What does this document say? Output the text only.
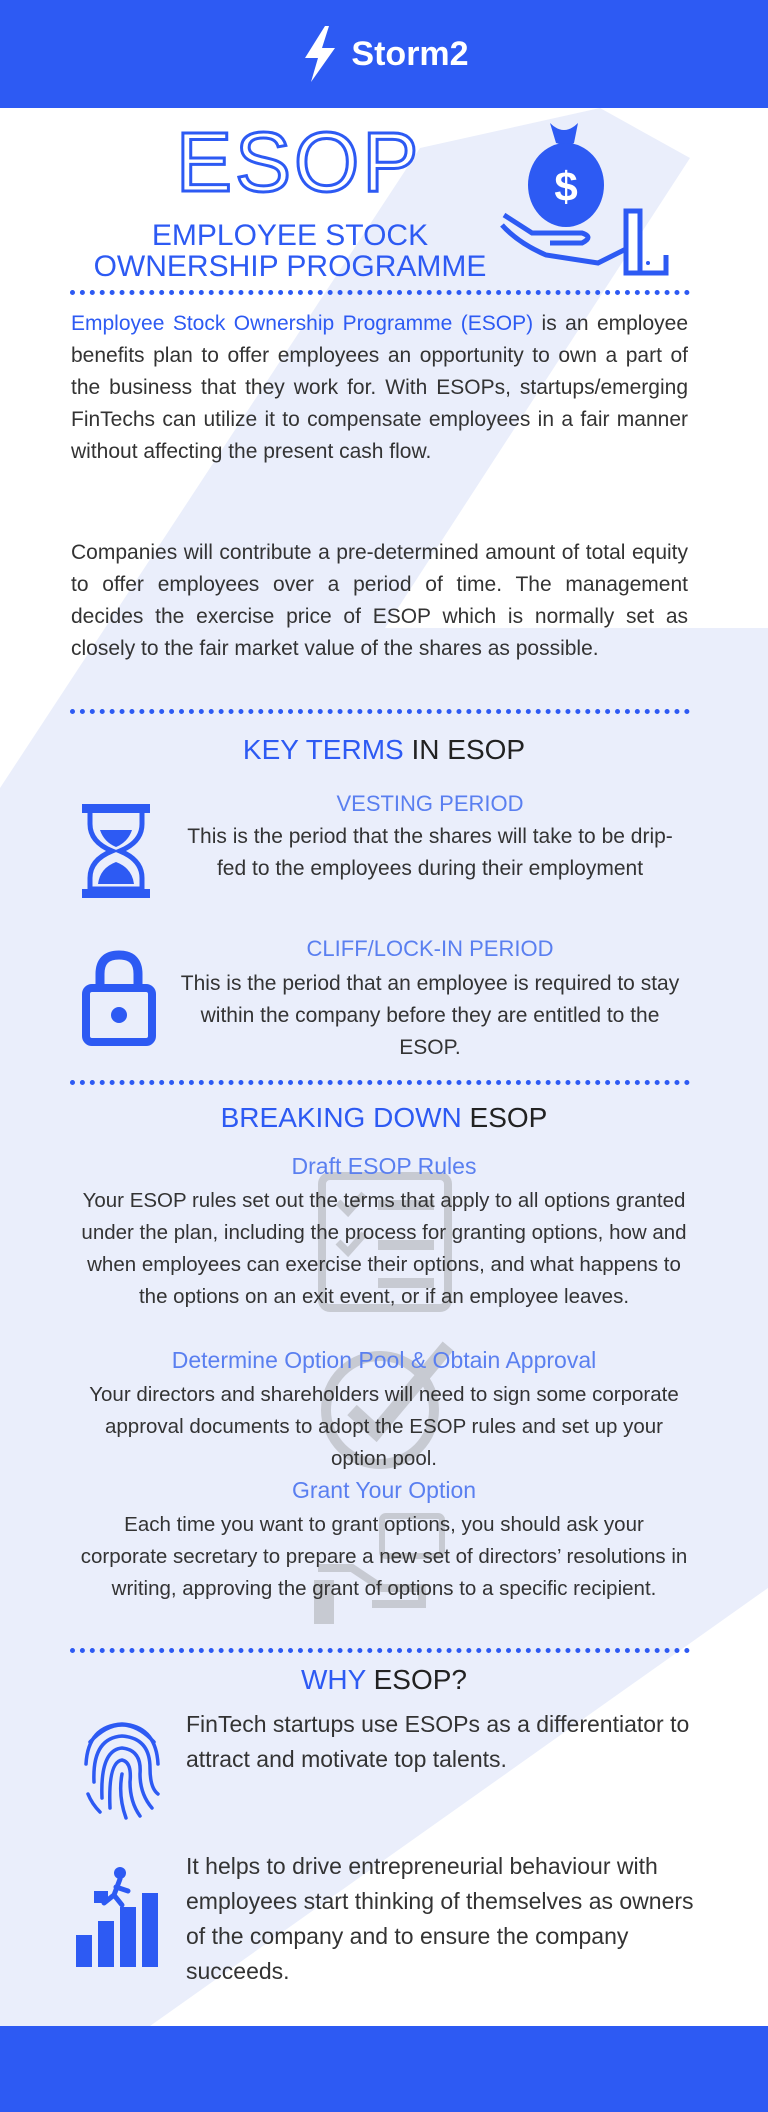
Storm2
ESOP
EMPLOYEE STOCK OWNERSHIP PROGRAMME
$
Employee Stock Ownership Programme (ESOP) is an employee benefits plan to offer employees an opportunity to own a part of the business that they work for. With ESOPs, startups/emerging FinTechs can utilize it to compensate employees in a fair manner without affecting the present cash flow.
Companies will contribute a pre-determined amount of total equity to offer employees over a period of time. The management decides the exercise price of ESOP which is normally set as closely to the fair market value of the shares as possible.
KEY TERMS IN ESOP
VESTING PERIOD
This is the period that the shares will take to be drip-fed to the employees during their employment
CLIFF/LOCK-IN PERIOD
This is the period that an employee is required to stay within the company before they are entitled to the ESOP.
BREAKING DOWN ESOP
Draft ESOP Rules
Your ESOP rules set out the terms that apply to all options granted under the plan, including the process for granting options, how and when employees can exercise their options, and what happens to the options on an exit event, or if an employee leaves.
Determine Option Pool & Obtain Approval
Your directors and shareholders will need to sign some corporate approval documents to adopt the ESOP rules and set up your option pool.
Grant Your Option
Each time you want to grant options, you should ask your corporate secretary to prepare a new set of directors’ resolutions in writing, approving the grant of options to a specific recipient.
WHY ESOP?
FinTech startups use ESOPs as a differentiator to attract and motivate top talents.
It helps to drive entrepreneurial behaviour with employees start thinking of themselves as owners of the company and to ensure the company succeeds.
